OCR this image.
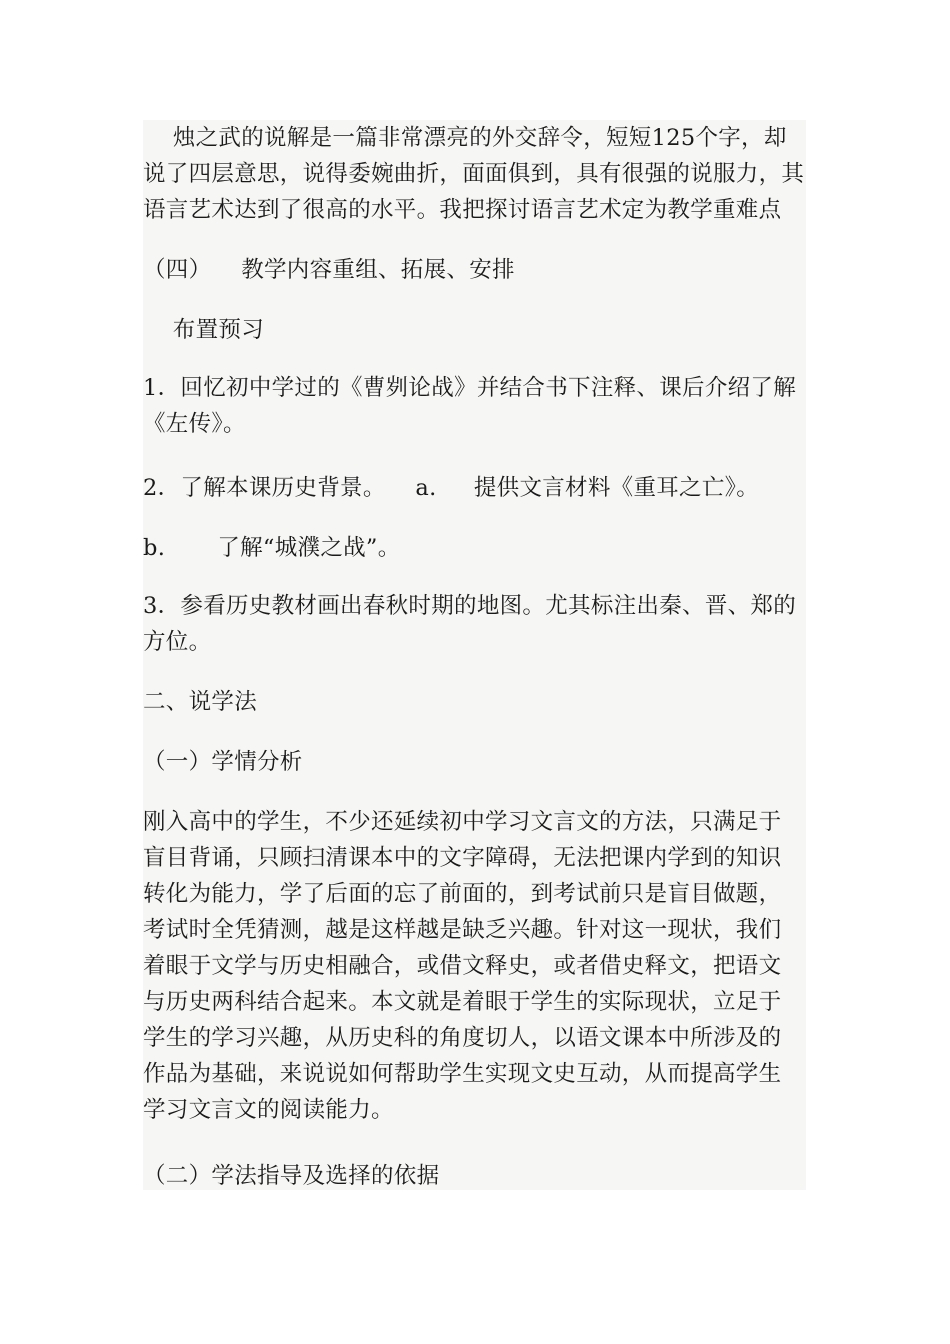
烛之武的说解是一篇非常漂亮的外交辞令，短短125个字，却

说了四层意思，说得委婉曲折，面面俱到，具有很强的说服力，其

语言艺术达到了很高的水平。我把探讨语言艺术定为教学重难点

（四）    教学内容重组、拓展、安排

布置预习

1．回忆初中学过的《曹刿论战》并结合书下注释、课后介绍了解

《左传》。

2．了解本课历史背景。    a.     提供文言材料《重耳之亡》。

b.       了解“城濮之战”。

3．参看历史教材画出春秋时期的地图。尤其标注出秦、晋、郑的

方位。

二、说学法

（一）学情分析

刚入高中的学生，不少还延续初中学习文言文的方法，只满足于

盲目背诵，只顾扫清课本中的文字障碍，无法把课内学到的知识

转化为能力，学了后面的忘了前面的，到考试前只是盲目做题，

考试时全凭猜测，越是这样越是缺乏兴趣。针对这一现状，我们

着眼于文学与历史相融合，或借文释史，或者借史释文，把语文

与历史两科结合起来。本文就是着眼于学生的实际现状，立足于

学生的学习兴趣，从历史科的角度切人，以语文课本中所涉及的

作品为基础，来说说如何帮助学生实现文史互动，从而提高学生

学习文言文的阅读能力。

（二）学法指导及选择的依据
